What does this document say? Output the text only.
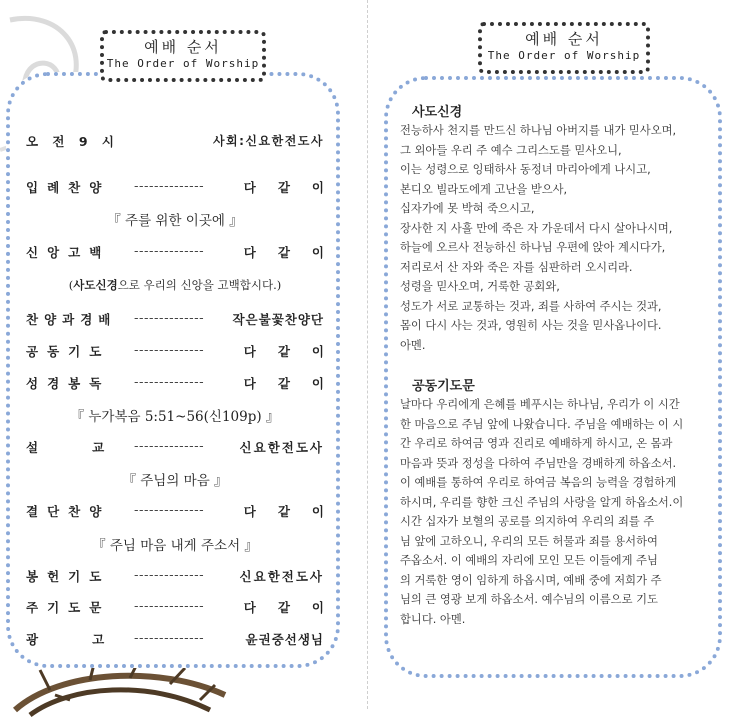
예배 순서
The Order of Worship
오 전 9 시	사회:신요한전도사
입례찬양 --------------	다같이
『 주를 위한 이곳에 』
신앙고백 --------------	다같이
(사도신경으로 우리의 신앙을 고백합시다.)
찬양과경배 -------------- 작은불꽃찬양단
공동기도 --------------	다같이
성경봉독 --------------	다같이
『 누가복음 5:51~56(신109p) 』
설      교 --------------	신요한전도사
『 주님의 마음 』
결단찬양 --------------	다같이
『 주님 마음 내게 주소서 』
봉헌기도 --------------	신요한전도사
주기도문 --------------	다같이
광      고 --------------	윤권중선생님
예배 순서
The Order of Worship
사도신경
전능하사 천지를 만드신 하나님 아버지를 내가 믿사오며,
그 외아들 우리 주 예수 그리스도를 믿사오니,
이는 성령으로 잉태하사 동정녀 마리아에게 나시고,
본디오 빌라도에게 고난을 받으사,
십자가에 못 박혀 죽으시고,
장사한 지 사흘 만에 죽은 자 가운데서 다시 살아나시며,
하늘에 오르사 전능하신 하나님 우편에 앉아 계시다가,
저리로서 산 자와 죽은 자를 심판하러 오시리라.
성령을 믿사오며, 거룩한 공회와,
성도가 서로 교통하는 것과, 죄를 사하여 주시는 것과,
몸이 다시 사는 것과, 영원히 사는 것을 믿사옵나이다.
아멘.
공동기도문
날마다 우리에게 은혜를 베푸시는 하나님, 우리가 이 시간
한 마음으로 주님 앞에 나왔습니다. 주님을 예배하는 이 시
간 우리로 하여금 영과 진리로 예배하게 하시고, 온 몸과
마음과 뜻과 정성을 다하여 주님만을 경배하게 하옵소서.
이 예배를 통하여 우리로 하여금 복음의 능력을 경험하게
하시며, 우리를 향한 크신 주님의 사랑을 알게 하옵소서.이
시간 십자가 보혈의 공로를 의지하여 우리의 죄를 주
님 앞에 고하오니, 우리의 모든 허물과 죄를 용서하여
주옵소서. 이 예배의 자리에 모인 모든 이들에게 주님
의 거룩한 영이 임하게 하옵시며, 예배 중에 저희가 주
님의 큰 영광 보게 하옵소서. 예수님의 이름으로 기도
합니다. 아멘.
